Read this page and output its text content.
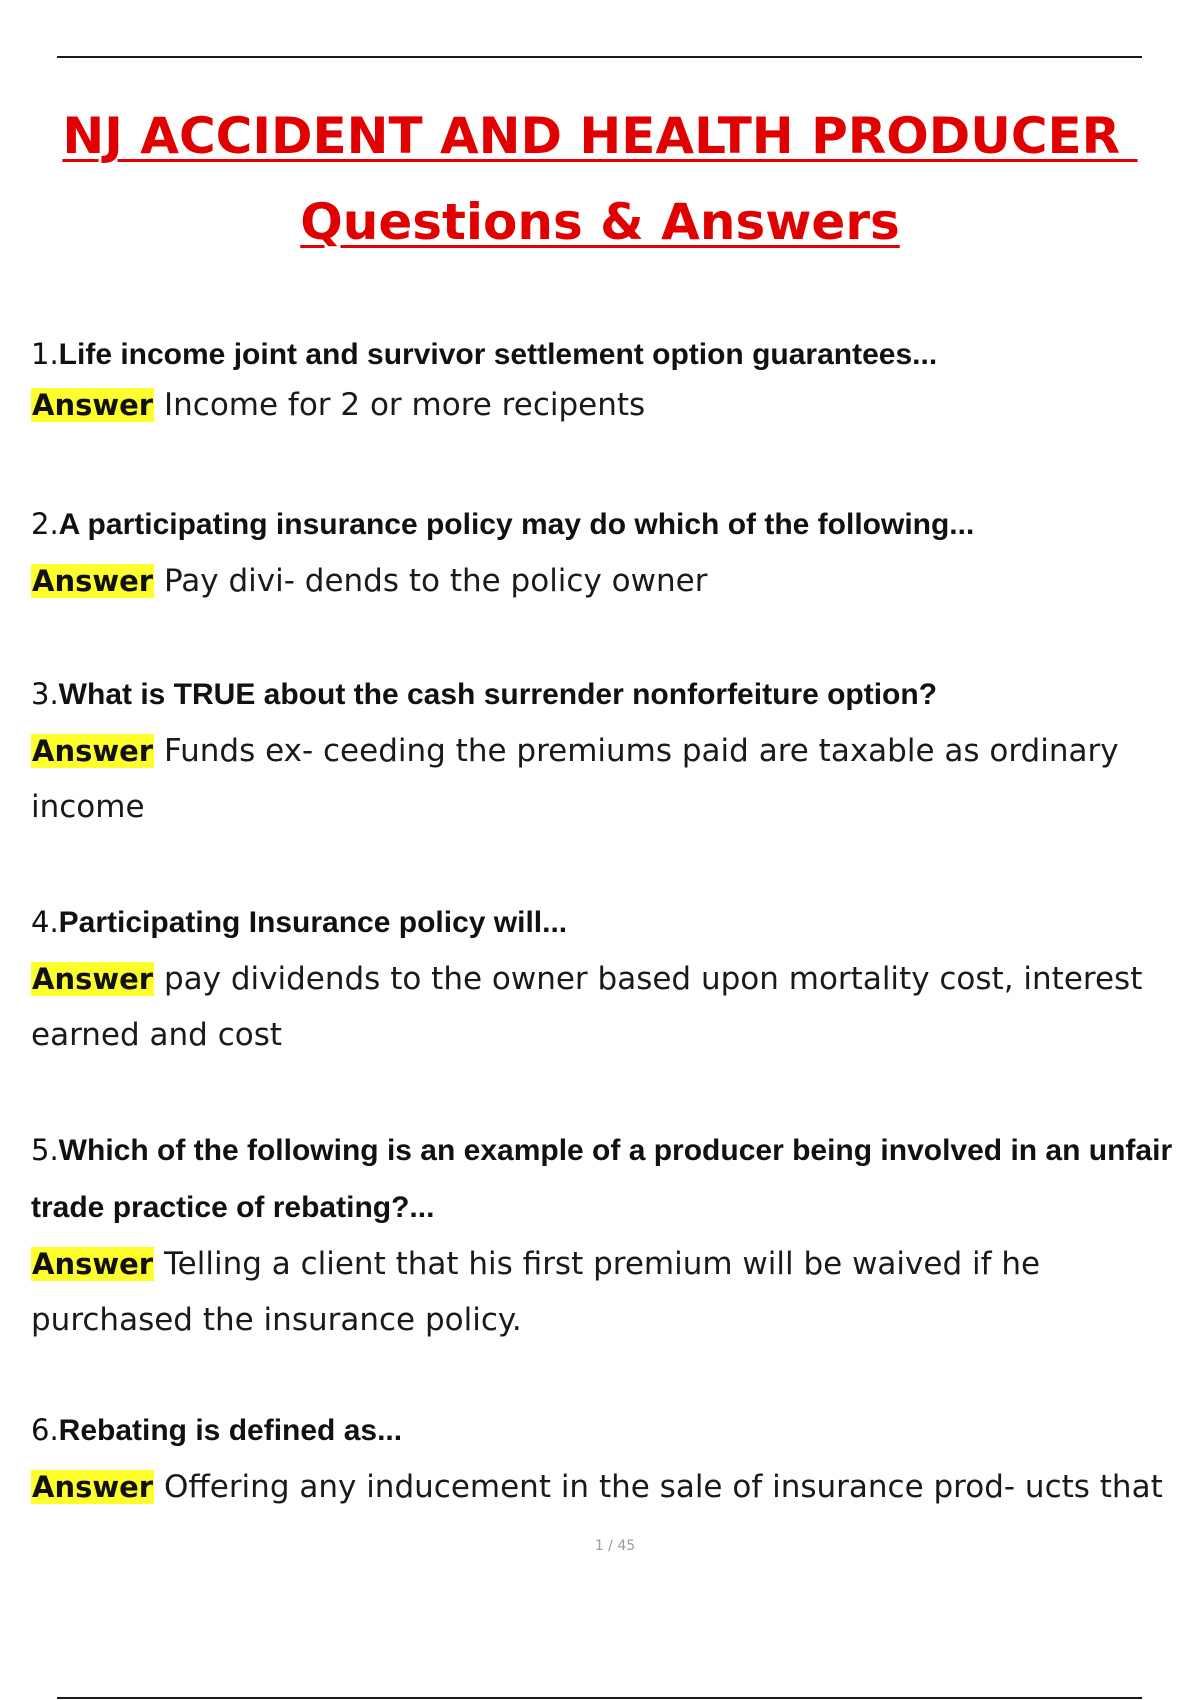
NJ ACCIDENT AND HEALTH PRODUCER
Questions & Answers

1.Life income joint and survivor settlement option guarantees...

Answer Income for 2 or more recipents

2.A participating insurance policy may do which of the following...

Answer Pay divi- dends to the policy owner

3.What is TRUE about the cash surrender nonforfeiture option?

Answer Funds ex- ceeding the premiums paid are taxable as ordinary income

4.Participating Insurance policy will...

Answer pay dividends to the owner based upon mortality cost, interest earned and cost

5.Which of the following is an example of a producer being involved in an unfair trade practice of rebating?...

Answer Telling a client that his first premium will be waived if he purchased the insurance policy.

6.Rebating is defined as...

Answer Offering any inducement in the sale of insurance prod- ucts that

1 / 45
